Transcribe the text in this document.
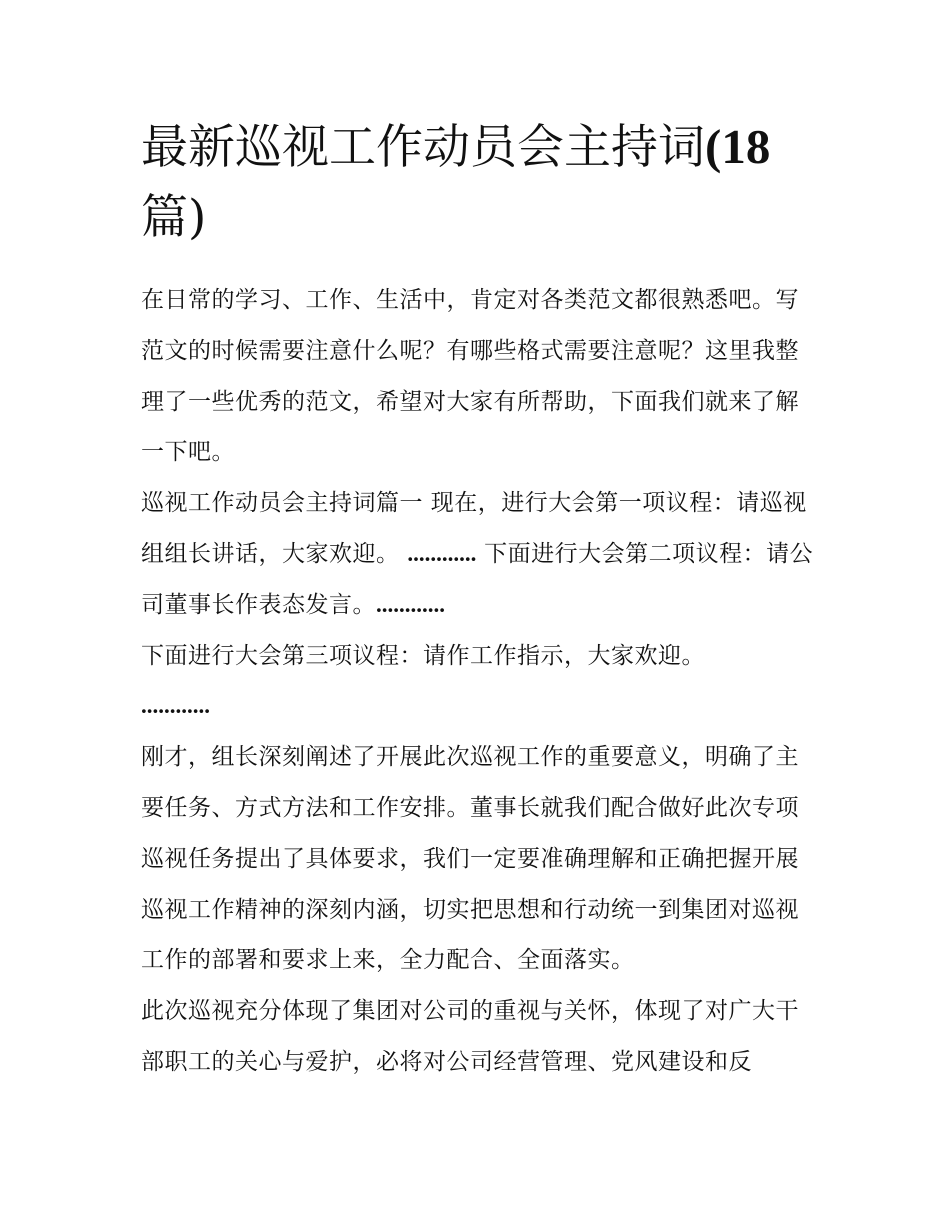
最新巡视工作动员会主持词(18
篇)

在日常的学习、工作、生活中，肯定对各类范文都很熟悉吧。写范文的时候需要注意什么呢？有哪些格式需要注意呢？这里我整理了一些优秀的范文，希望对大家有所帮助，下面我们就来了解一下吧。

巡视工作动员会主持词篇一 现在，进行大会第一项议程：请巡视组组长讲话，大家欢迎。 ............ 下面进行大会第二项议程：请公司董事长作表态发言。............

下面进行大会第三项议程：请作工作指示，大家欢迎。

............

刚才，组长深刻阐述了开展此次巡视工作的重要意义，明确了主要任务、方式方法和工作安排。董事长就我们配合做好此次专项巡视任务提出了具体要求，我们一定要准确理解和正确把握开展巡视工作精神的深刻内涵，切实把思想和行动统一到集团对巡视工作的部署和要求上来，全力配合、全面落实。

此次巡视充分体现了集团对公司的重视与关怀，体现了对广大干部职工的关心与爱护，必将对公司经营管理、党风建设和反
